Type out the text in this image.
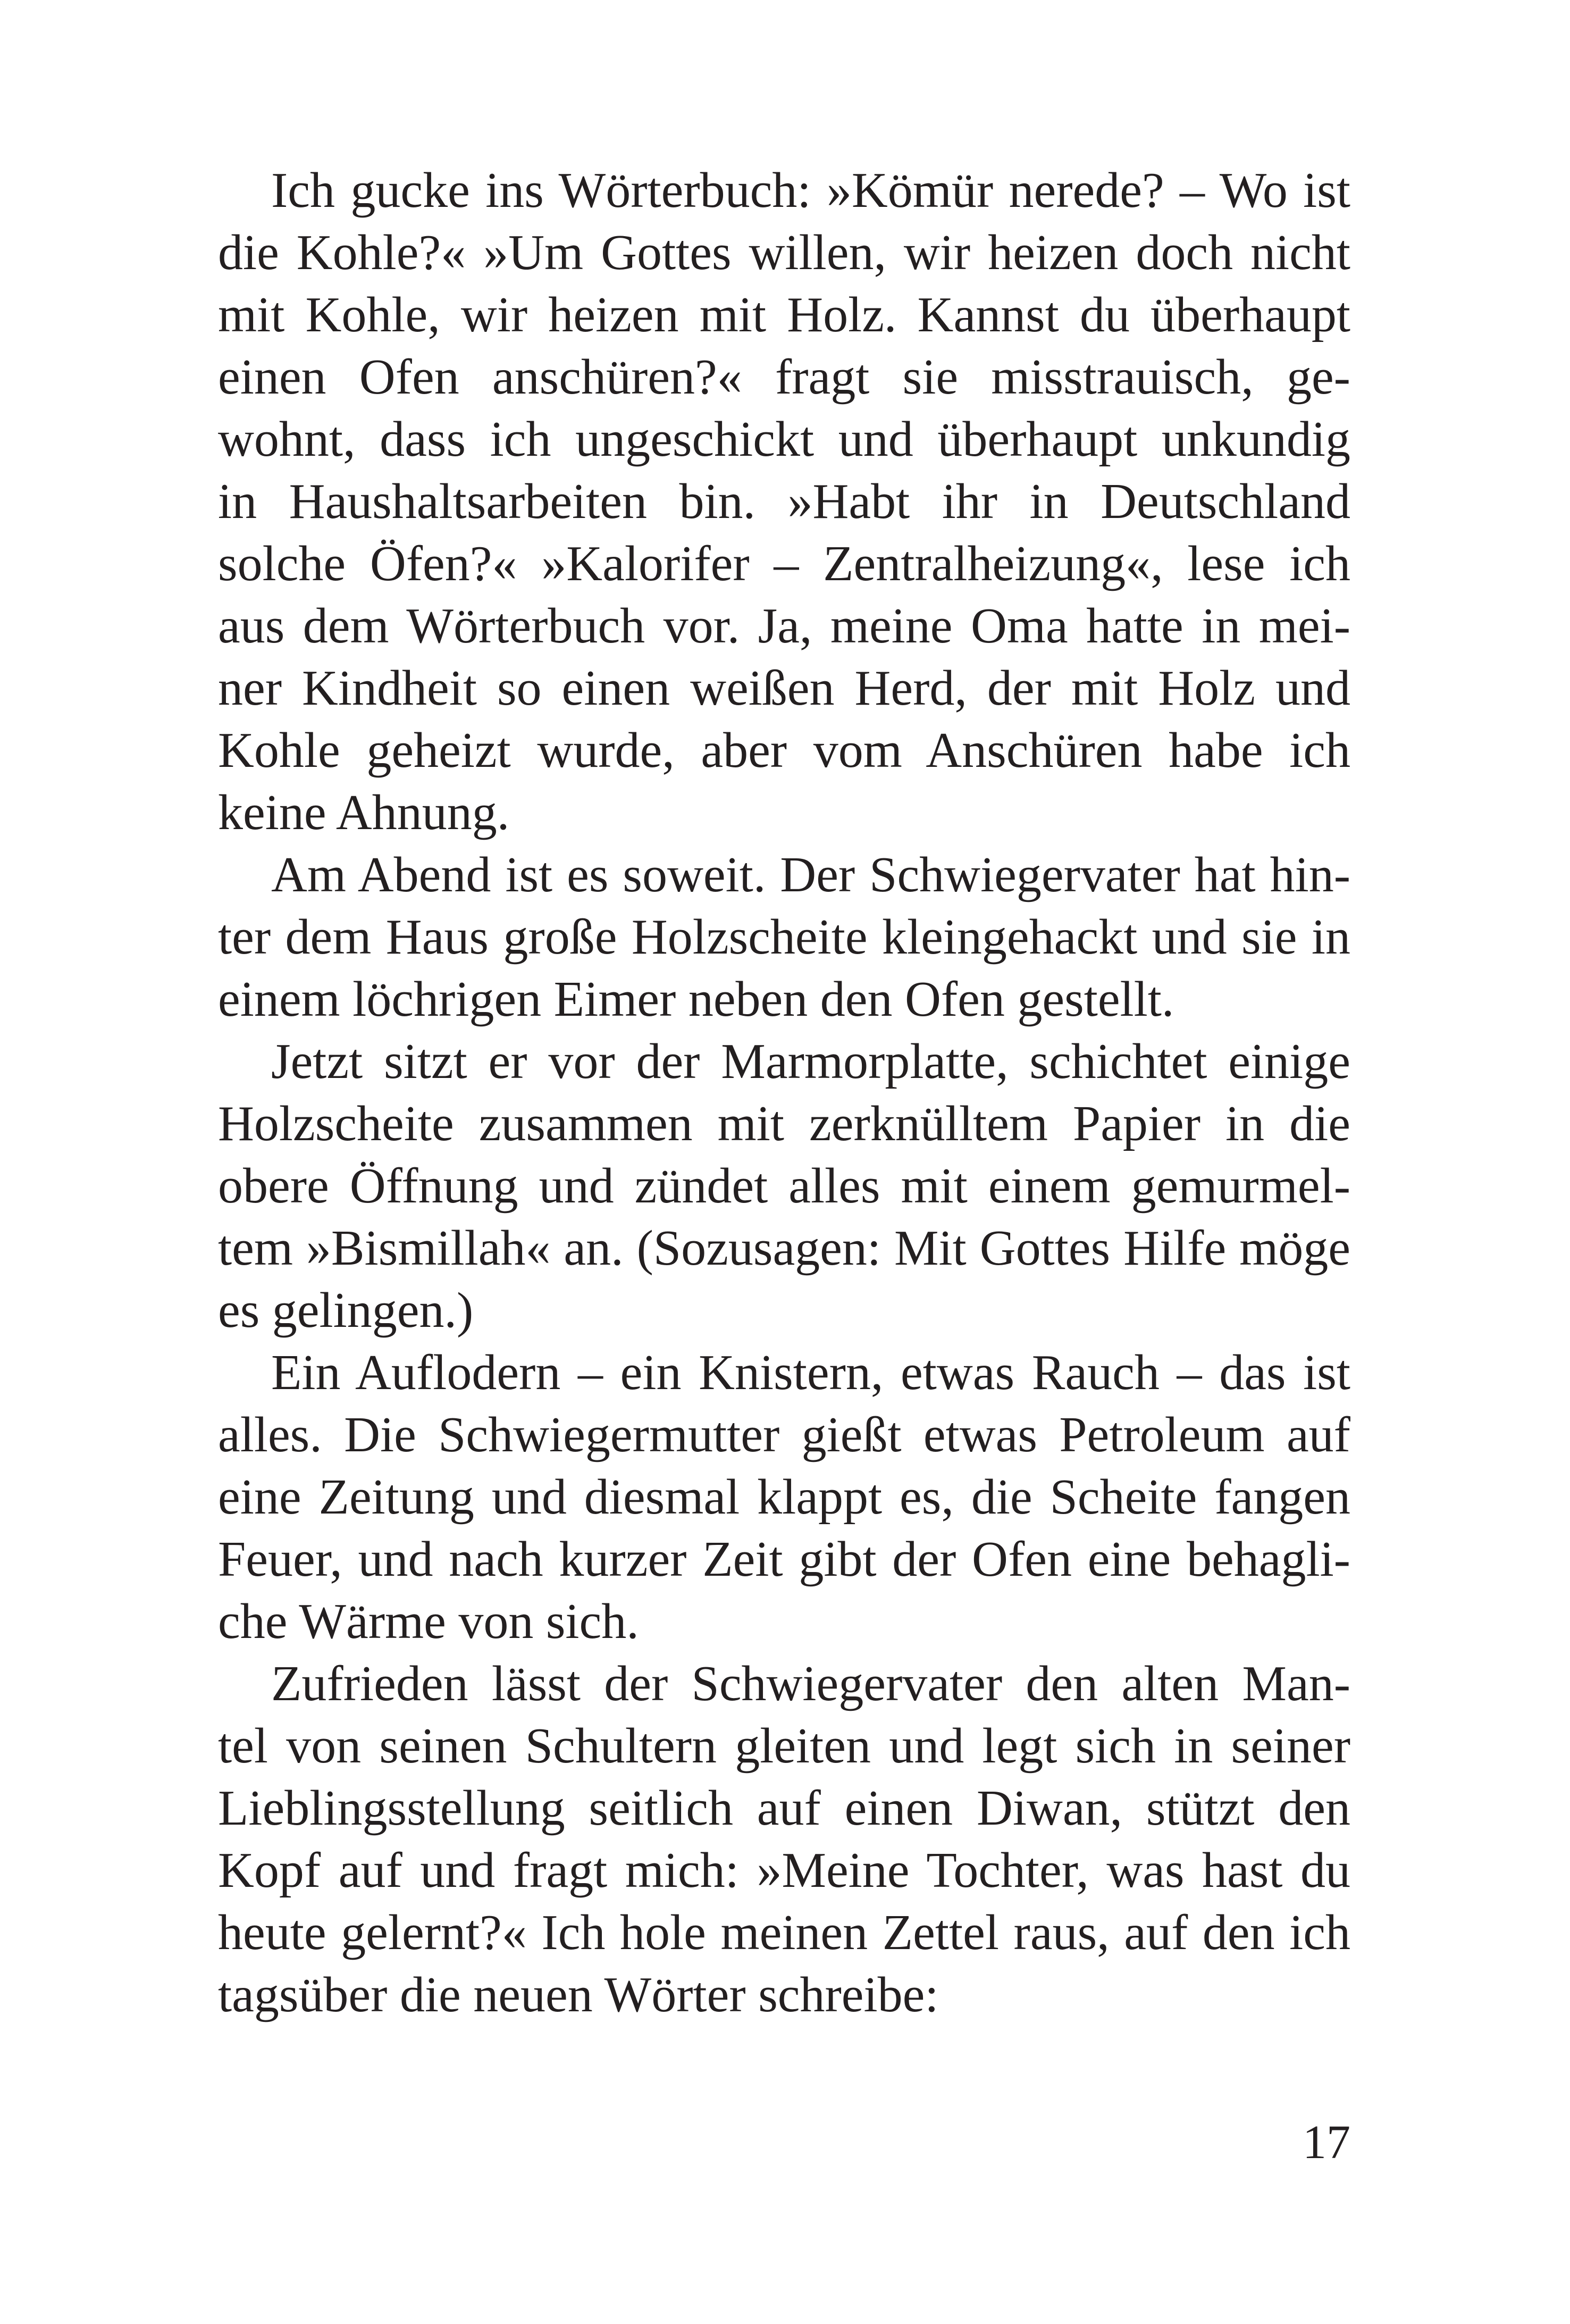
Ich gucke ins Wörterbuch: »Kömür nerede? – Wo ist
die Kohle?« »Um Gottes willen, wir heizen doch nicht
mit Kohle, wir heizen mit Holz. Kannst du überhaupt
einen Ofen anschüren?« fragt sie misstrauisch, ge-
wohnt, dass ich ungeschickt und überhaupt unkundig
in Haushaltsarbeiten bin. »Habt ihr in Deutschland
solche Öfen?« »Kalorifer – Zentralheizung«, lese ich
aus dem Wörterbuch vor. Ja, meine Oma hatte in mei-
ner Kindheit so einen weißen Herd, der mit Holz und
Kohle geheizt wurde, aber vom Anschüren habe ich
keine Ahnung.
Am Abend ist es soweit. Der Schwiegervater hat hin-
ter dem Haus große Holzscheite kleingehackt und sie in
einem löchrigen Eimer neben den Ofen gestellt.
Jetzt sitzt er vor der Marmorplatte, schichtet einige
Holzscheite zusammen mit zerknülltem Papier in die
obere Öffnung und zündet alles mit einem gemurmel-
tem »Bismillah« an. (Sozusagen: Mit Gottes Hilfe möge
es gelingen.)
Ein Auflodern – ein Knistern, etwas Rauch – das ist
alles. Die Schwiegermutter gießt etwas Petroleum auf
eine Zeitung und diesmal klappt es, die Scheite fangen
Feuer, und nach kurzer Zeit gibt der Ofen eine behagli-
che Wärme von sich.
Zufrieden lässt der Schwiegervater den alten Man-
tel von seinen Schultern gleiten und legt sich in seiner
Lieblingsstellung seitlich auf einen Diwan, stützt den
Kopf auf und fragt mich: »Meine Tochter, was hast du
heute gelernt?« Ich hole meinen Zettel raus, auf den ich
tagsüber die neuen Wörter schreibe:
17
